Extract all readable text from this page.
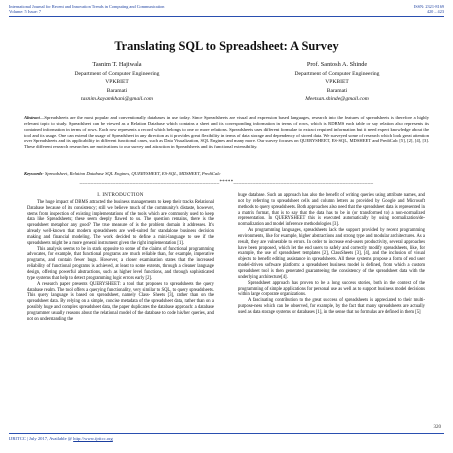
International Journal for Recent and Innovation Trends in Computing and Communication
Volume: 5 Issue: 7
ISSN: 2321-8169
420 – 423
Translating SQL to Spreadsheet: A Survey
Tasnim T. Hajiwala
Department of Computer Engineering
VPKBIET
Baramati
tasnim.kayamkhani@gmail.com
Prof. Santosh A. Shinde
Department of Computer Engineering
VPKBIET
Baramati
Meetsan.shinde@gmail.com
Abstract—Spreadsheets are the most popular and conventionally databases in use today. Since Spreadsheets are visual and expression based languages, research into the features of spreadsheets is therefore a highly relevant topic to study. Spreadsheet can be viewed as a Relation Database which contains a sheet and its corresponding information in terms of rows, which is RDBMS each table or say relation also represents its contained information in terms of rows. Each row represents a record which belongs to one or more relations. Spreadsheets uses different formulae to extract required information but it need expert knowledge about the tool and its usage. One can extend the usage of Spreadsheet in any direction as it provides great flexibility in terms of data storage and dependency of stored data. We surveyed some of research which look great attention over Spreadsheets and its applicability in different functional cases, such as Data Visualization, SQL Engines and many more. Our survey focuses on QUERYSHEET, ES-SQL, MDSHEET and PrediCalc [5], [2], [4], [3]. These different research researches are motivations to our survey and attraction in Spreadsheets and its functional extensibility.
Keywords- Spreadsheet, Relation Database SQL Engines, QUERYSHEET, ES-SQL, MDSHEET, PrediCalc
__________________________________________________*****__________________________________________________
I. INTRODUCTION

The huge impact of DBMS attracted the business managements to keep their tracks Relational Database because of its consistency; still we believe much of the community's distaste, however, stems from inspection of existing implementations of the tools which are commonly used to keep data like Spreadsheets; these seem deeply flawed to us. The question remains, there is the spreadsheet metaphor any good? The true measure of is the problem domain it addresses. It's already well-known that modern spreadsheets are well-suited for standalone business decision making and financial modeling. The work decided to define a mini-language to see if the spreadsheets might be a more general instrument given the right implementation [1].

This analysis seems to be in stark opposite to some of the claims of functional programming advocates, for example, that functional programs are much reliable than, for example, imperative programs, and contain fewer bugs. However, a closer examination states that the increased reliability of functional programs is achieved, at least to some extents, through a cleaner language design, offering powerful abstractions, such as higher level functions, and through sophisticated type systems that help to detect programming logic errors early [2].

A research paper presents QUERYSHEET: a tool that proposes to spreadsheets the query database realm. The tool offers a querying functionality, very similar to SQL, to query spreadsheets. This query language is based on spreadsheet, namely Class- Sheets [3], rather than on the spreadsheet data. By relying on a simple, concise metadata of the spreadsheet data, rather than on a possibly huge and complex spreadsheet data, the paper duplicates the database approach: a database programmer usually reasons about the relational model of the database to code his/her queries, and not on understanding the

huge database. Such an approach has also the benefit of writing queries using attribute names, and not by referring to spreadsheet cells and column letters as provided by Google and Microsoft methods to query spreadsheets. Both approaches also need that the spreadsheet data is represented in a matrix format, that is to say that the data has to be in (or transformed to) a non-normalized representation. In QUERYSHEET this is executed automatically by using normalization/de-normalization and model inference methodologies [3].

As programming languages, spreadsheets lack the support provided by recent programming environments, like for example, higher abstractions and strong type and modular architectures. As a result, they are vulnerable to errors. In order to increase end-users productivity, several approaches have been proposed, which let the end users to safely and correctly modify spreadsheets, like, for example, the use of spreadsheet templates [2], ClassSheets [3], [4], and the inclusion of visual objects to benefit editing assistance in spreadsheets. All these systems propose a form of end user model-driven software platform: a spreadsheet business model is defined, from which a custom spreadsheet tool is then generated guaranteeing the consistency of the spreadsheet data with the underlying architecture[4].

Spreadsheet approach has proven to be a long success stories, both in the context of the programming of simple applications for personal use as well as to support business model decisions within large corporate organizations.

A fascinating contribution to the great success of spreadsheets is appreciated to their multi-purpose-ness which can be observed, for example, by the fact that many spreadsheets are actually used as data storage systems or databases [1], in the sense that no formulas are defined in them [5]

320
IJRITCC | July 2017, Available @ http://www.ijritcc.org
